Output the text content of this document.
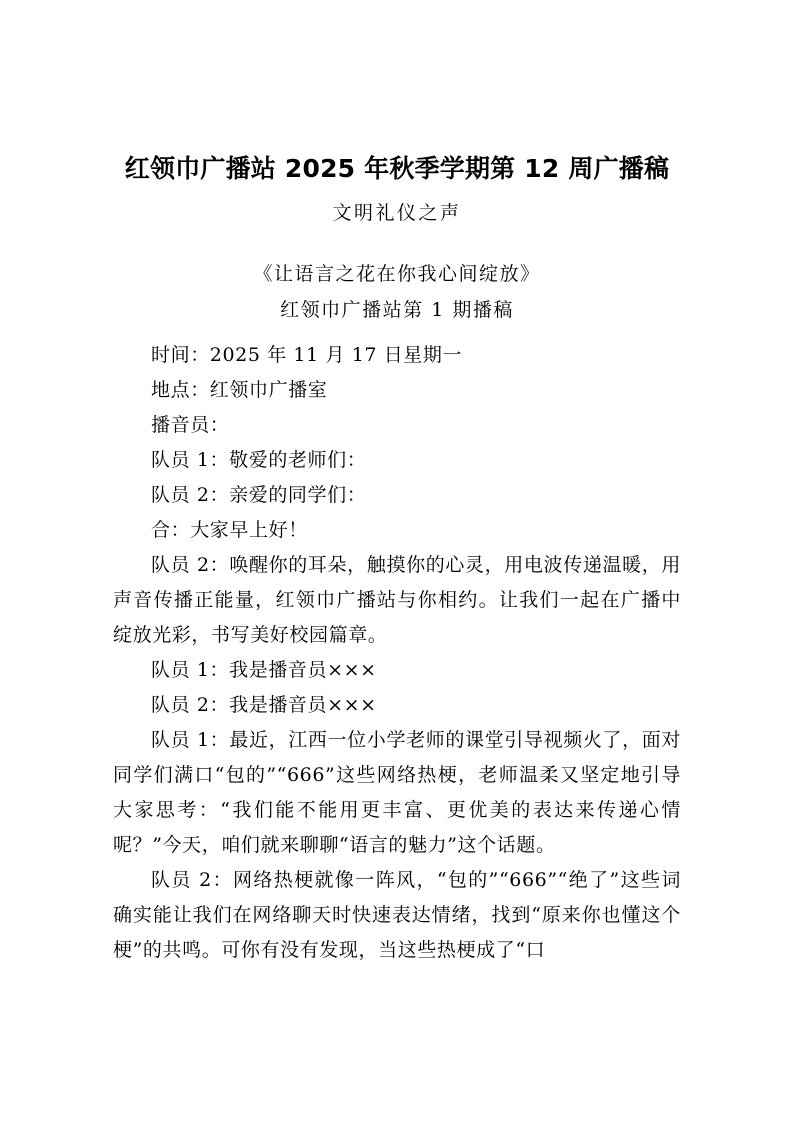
红领巾广播站 2025 年秋季学期第 12 周广播稿
文明礼仪之声

《让语言之花在你我心间绽放》

红领巾广播站第 1 期播稿

时间：2025 年 11 月 17 日星期一

地点：红领巾广播室

播音员：

队员 1：敬爱的老师们：

队员 2：亲爱的同学们：

合：大家早上好！

队员 2：唤醒你的耳朵，触摸你的心灵，用电波传递温暖，用声音传播正能量，红领巾广播站与你相约。让我们一起在广播中绽放光彩，书写美好校园篇章。

队员 1：我是播音员×××

队员 2：我是播音员×××

队员 1：最近，江西一位小学老师的课堂引导视频火了，面对同学们满口“包的”“666”这些网络热梗，老师温柔又坚定地引导大家思考：“我们能不能用更丰富、更优美的表达来传递心情呢？”今天，咱们就来聊聊“语言的魅力”这个话题。

队员 2：网络热梗就像一阵风，“包的”“666”“绝了”这些词确实能让我们在网络聊天时快速表达情绪，找到“原来你也懂这个梗”的共鸣。可你有没有发现，当这些热梗成了“口
